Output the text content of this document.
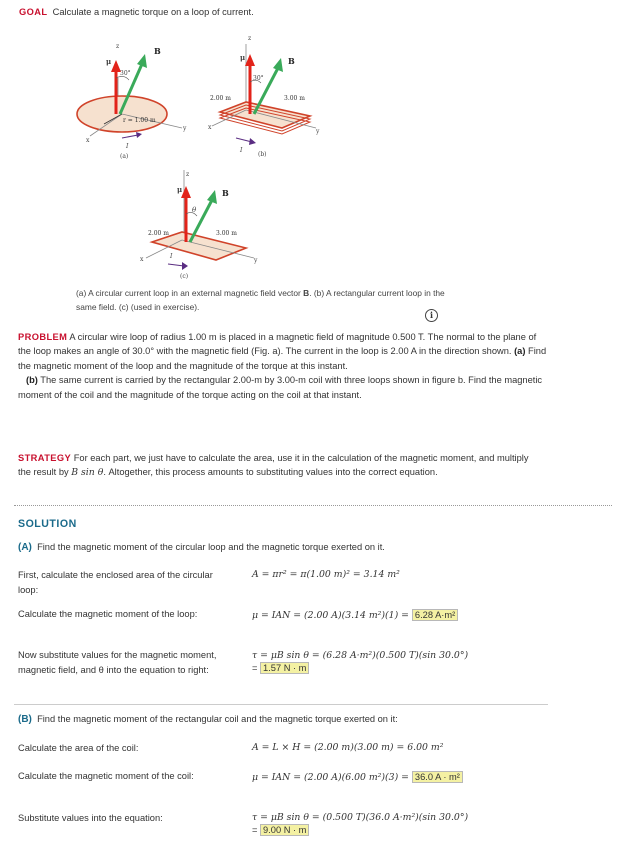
GOAL Calculate a magnetic torque on a loop of current.
z
μ
B
30°
r = 1.00 m
x
y
I
(a)
z
μ	B
30°
2.00 m	3.00 m
x
y
I
(b)
z
μ	B
θ
2.00 m	3.00 m
x	y
I
(c)
(a) A circular current loop in an external magnetic field vector B. (b) A rectangular current loop in the same field. (c) (used in exercise).
i
PROBLEM A circular wire loop of radius 1.00 m is placed in a magnetic field of magnitude 0.500 T. The normal to the plane of the loop makes an angle of 30.0° with the magnetic field (Fig. a). The current in the loop is 2.00 A in the direction shown. (a) Find the magnetic moment of the loop and the magnitude of the torque at this instant.
(b) The same current is carried by the rectangular 2.00-m by 3.00-m coil with three loops shown in figure b. Find the magnetic moment of the coil and the magnitude of the torque acting on the coil at that instant.
STRATEGY For each part, we just have to calculate the area, use it in the calculation of the magnetic moment, and multiply the result by B sin θ. Altogether, this process amounts to substituting values into the correct equation.
SOLUTION
(A) Find the magnetic moment of the circular loop and the magnetic torque exerted on it.
First, calculate the enclosed area of the circular loop:
A = πr² = π(1.00 m)² = 3.14 m²
Calculate the magnetic moment of the loop:	μ = IAN = (2.00 A)(3.14 m²)(1) = 6.28 A·m²
Now substitute values for the magnetic moment, magnetic field, and θ into the equation to right:
τ = μB sin θ = (6.28 A·m²)(0.500 T)(sin 30.0°)
= 1.57 N · m
(B) Find the magnetic moment of the rectangular coil and the magnetic torque exerted on it:
Calculate the area of the coil:	A = L × H = (2.00 m)(3.00 m) = 6.00 m²
Calculate the magnetic moment of the coil:	μ = IAN = (2.00 A)(6.00 m²)(3) = 36.0 A · m²
Substitute values into the equation:	τ = μB sin θ = (0.500 T)(36.0 A·m²)(sin 30.0°)
= 9.00 N · m
